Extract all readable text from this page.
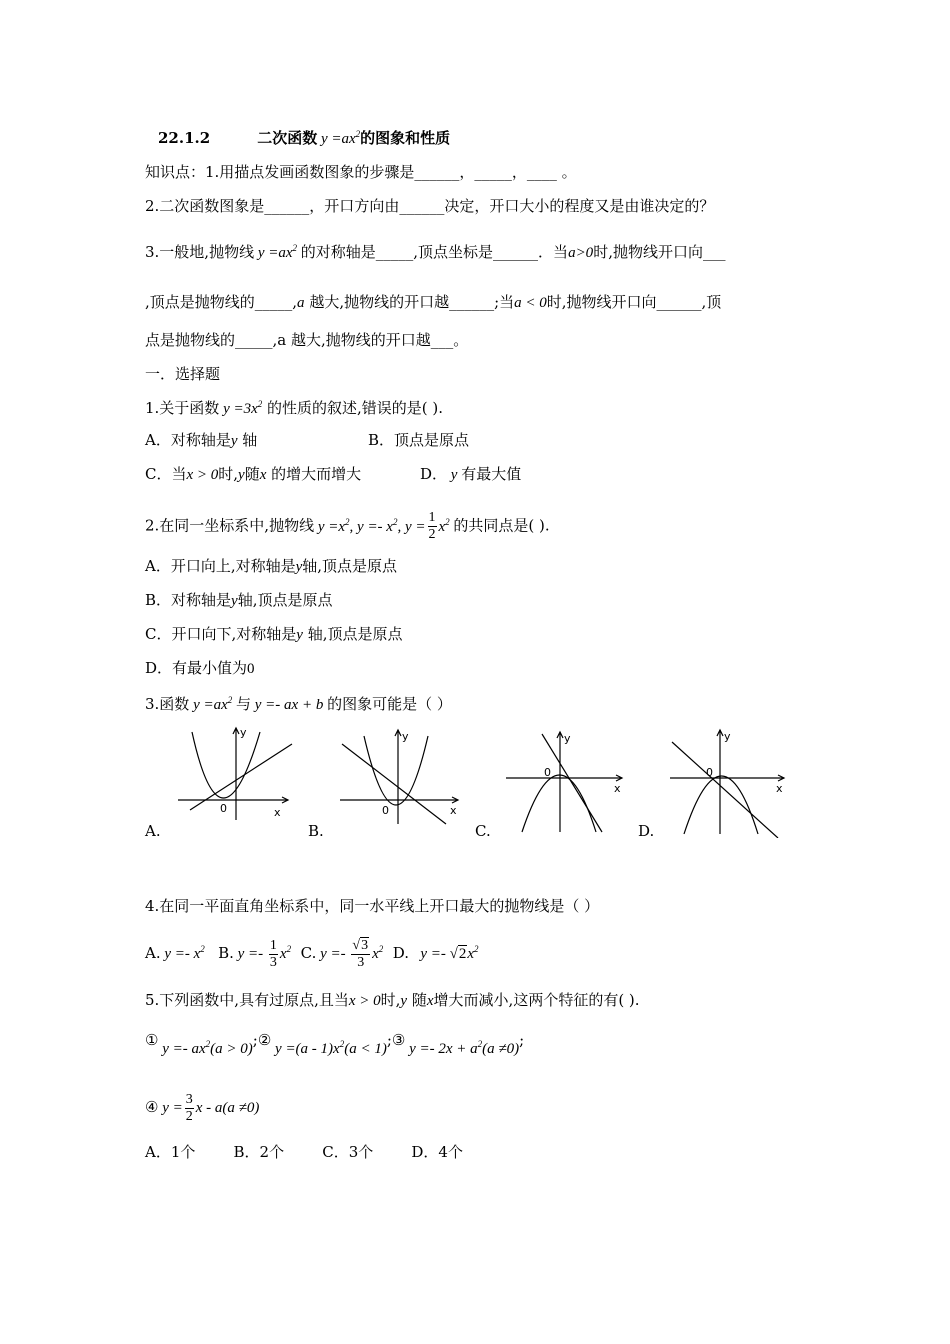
22.1.2	二次函数 $y =ax^2$的图象和性质
知识点：1.用描点发画函数图象的步骤是______，_____，____ 。
2.二次函数图象是______，开口方向由______决定，开口大小的程度又是由谁决定的？
3.一般地,抛物线 $y =ax^2$ 的对称轴是_____,顶点坐标是______．当a>0时,抛物线开口向___
,顶点是抛物线的_____,a 越大,抛物线的开口越______;当a < 0时,抛物线开口向______,顶
点是抛物线的_____,a 越大,抛物线的开口越___。
一．选择题
1.关于函数 $y =3x^2$ 的性质的叙述,错误的是( ).
A．对称轴是y 轴	B．顶点是原点
C．当x > 0时,y随x 的增大而增大	D． y 有最大值
2.在同一坐标系中,抛物线 $y =x^2$, $y =- x^2$, $y = \frac{1}{2} x^2$ 的共同点是( ).
A．开口向上,对称轴是y轴,顶点是原点
B．对称轴是y轴,顶点是原点
C．开口向下,对称轴是y 轴,顶点是原点
D．有最小值为0
3.函数 $y =ax^2$ 与 y =- ax + b 的图象可能是（ ）
x
y
0
A.
x
y
0
B.
x
y
0
C.
x
y
0
D.
4.在同一平面直角坐标系中，同一水平线上开口最大的抛物线是（ ）
A. $y =- x^2$ B. $y =- \frac{1}{3} x^2$ C. $y =- \frac{√3}{3} x^2$ D.   $y =- √2x^2$
5.下列函数中,具有过原点,且当x > 0时,y 随x增大而减小,这两个特征的有( ).
① $y =- ax^2(a$ > 0);② $y =(a - 1)x^2(a$ < 1);③ $y =- 2x + a^2(a \ne 0)$;
④ $y = \frac{3}{2}$ x - a(a ≠0)
A．1个        B．2个        C．3个        D．4个
